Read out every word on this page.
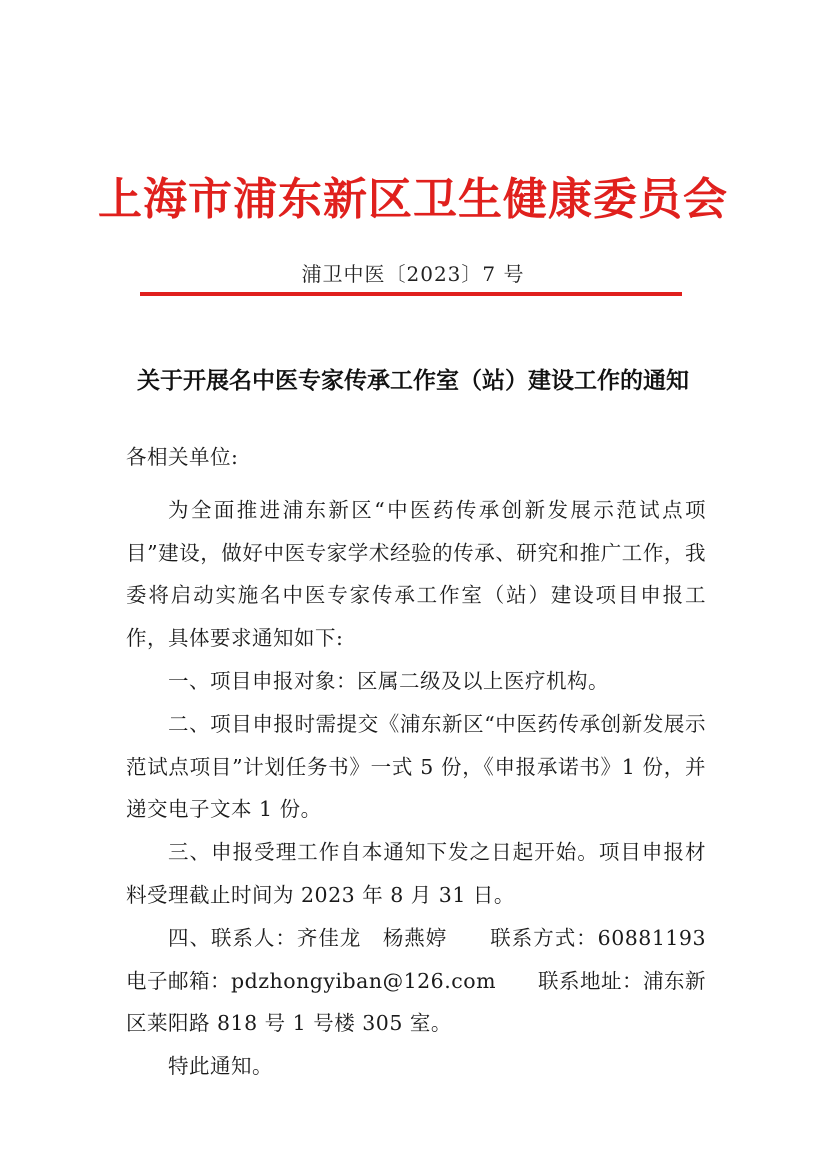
上海市浦东新区卫生健康委员会
浦卫中医〔2023〕7 号
关于开展名中医专家传承工作室（站）建设工作的通知

各相关单位:

为全面推进浦东新区“中医药传承创新发展示范试点项目”建设，做好中医专家学术经验的传承、研究和推广工作，我委将启动实施名中医专家传承工作室（站）建设项目申报工作，具体要求通知如下:

一、项目申报对象：区属二级及以上医疗机构。

二、项目申报时需提交《浦东新区“中医药传承创新发展示范试点项目”计划任务书》一式 5 份，《申报承诺书》1 份，并递交电子文本 1 份。

三、申报受理工作自本通知下发之日起开始。项目申报材料受理截止时间为 2023 年 8 月 31 日。

四、联系人：齐佳龙　杨燕婷　　联系方式：60881193　电子邮箱：pdzhongyiban@126.com　　联系地址：浦东新区莱阳路 818 号 1 号楼 305 室。

特此通知。
